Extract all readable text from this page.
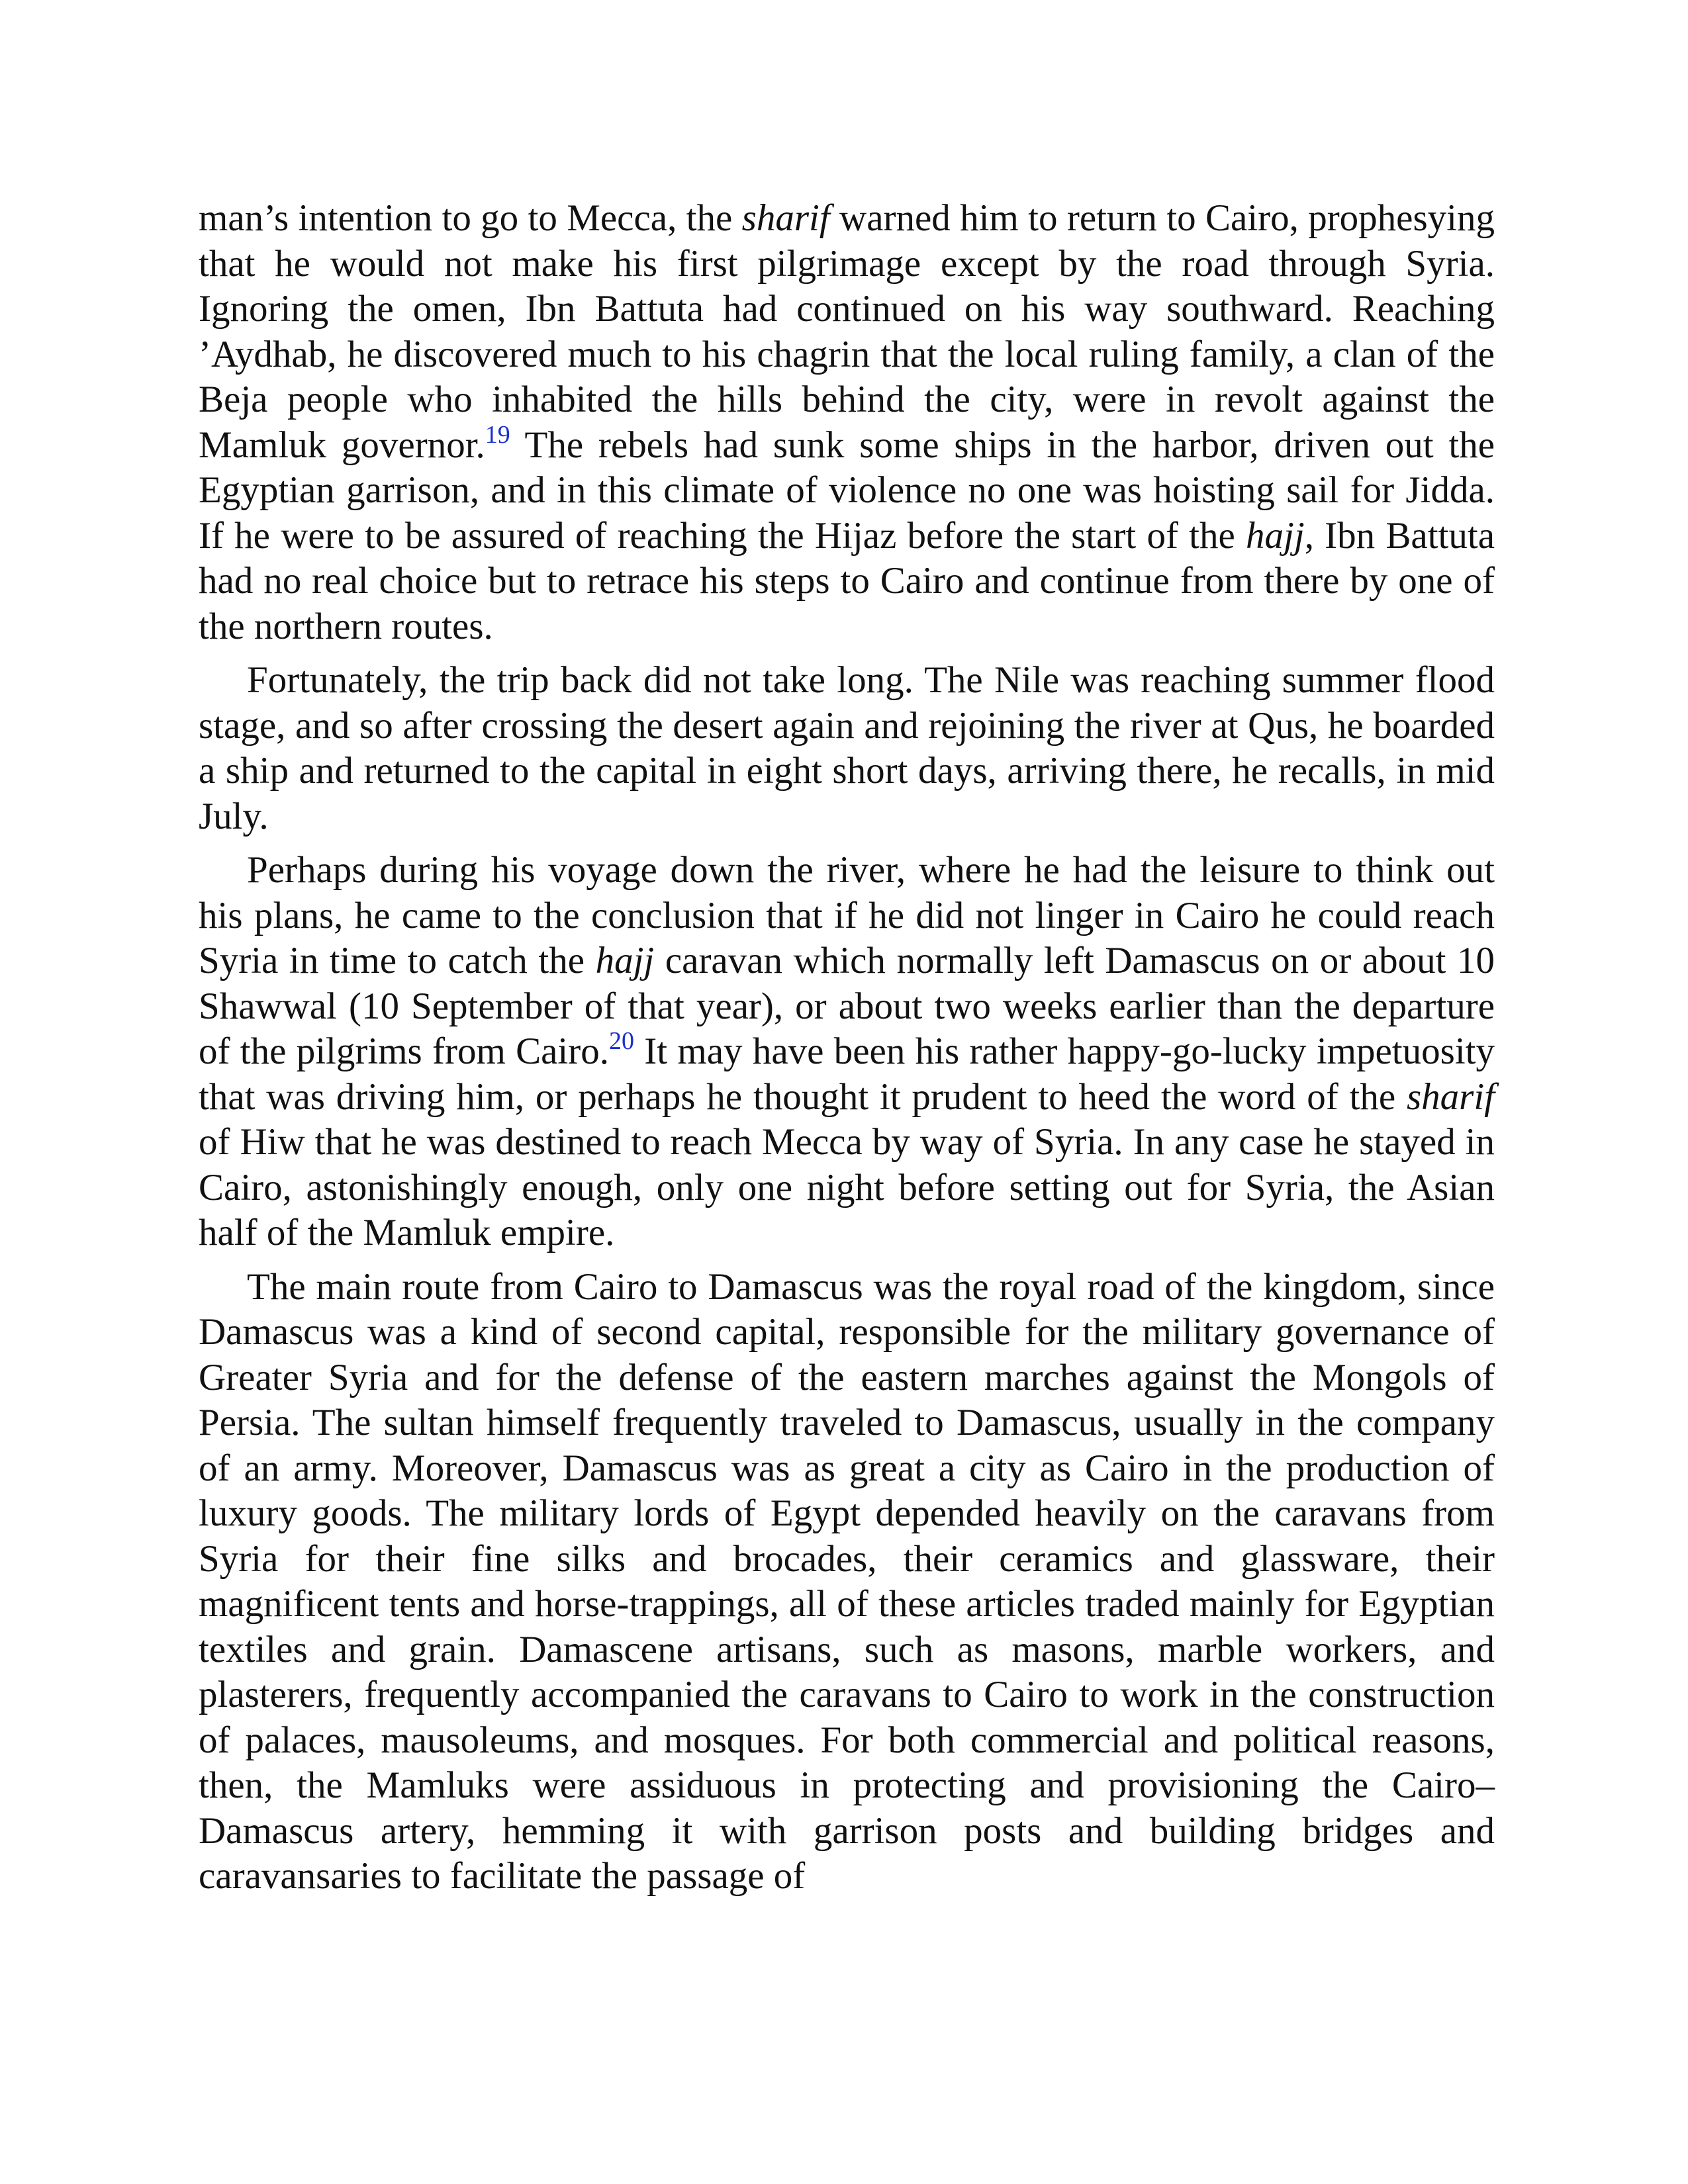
man’s intention to go to Mecca, the sharif warned him to return to Cairo, prophesying that he would not make his first pilgrimage except by the road through Syria. Ignoring the omen, Ibn Battuta had continued on his way southward. Reaching ’Aydhab, he discovered much to his chagrin that the local ruling family, a clan of the Beja people who inhabited the hills behind the city, were in revolt against the Mamluk governor.$^{19}$ The rebels had sunk some ships in the harbor, driven out the Egyptian garrison, and in this climate of violence no one was hoisting sail for Jidda. If he were to be assured of reaching the Hijaz before the start of the hajj, Ibn Battuta had no real choice but to retrace his steps to Cairo and continue from there by one of the northern routes.

Fortunately, the trip back did not take long. The Nile was reaching summer flood stage, and so after crossing the desert again and rejoining the river at Qus, he boarded a ship and returned to the capital in eight short days, arriving there, he recalls, in mid July.

Perhaps during his voyage down the river, where he had the leisure to think out his plans, he came to the conclusion that if he did not linger in Cairo he could reach Syria in time to catch the hajj caravan which normally left Damascus on or about 10 Shawwal (10 September of that year), or about two weeks earlier than the departure of the pilgrims from Cairo.$^{20}$ It may have been his rather happy-go-lucky impetuosity that was driving him, or perhaps he thought it prudent to heed the word of the sharif of Hiw that he was destined to reach Mecca by way of Syria. In any case he stayed in Cairo, astonishingly enough, only one night before setting out for Syria, the Asian half of the Mamluk empire.

The main route from Cairo to Damascus was the royal road of the kingdom, since Damascus was a kind of second capital, responsible for the military governance of Greater Syria and for the defense of the eastern marches against the Mongols of Persia. The sultan himself frequently traveled to Damascus, usually in the company of an army. Moreover, Damascus was as great a city as Cairo in the production of luxury goods. The military lords of Egypt depended heavily on the caravans from Syria for their fine silks and brocades, their ceramics and glassware, their magnificent tents and horse-trappings, all of these articles traded mainly for Egyptian textiles and grain. Damascene artisans, such as masons, marble workers, and plasterers, frequently accompanied the caravans to Cairo to work in the construction of palaces, mausoleums, and mosques. For both commercial and political reasons, then, the Mamluks were assiduous in protecting and provisioning the Cairo–Damascus artery, hemming it with garrison posts and building bridges and caravansaries to facilitate the passage of
